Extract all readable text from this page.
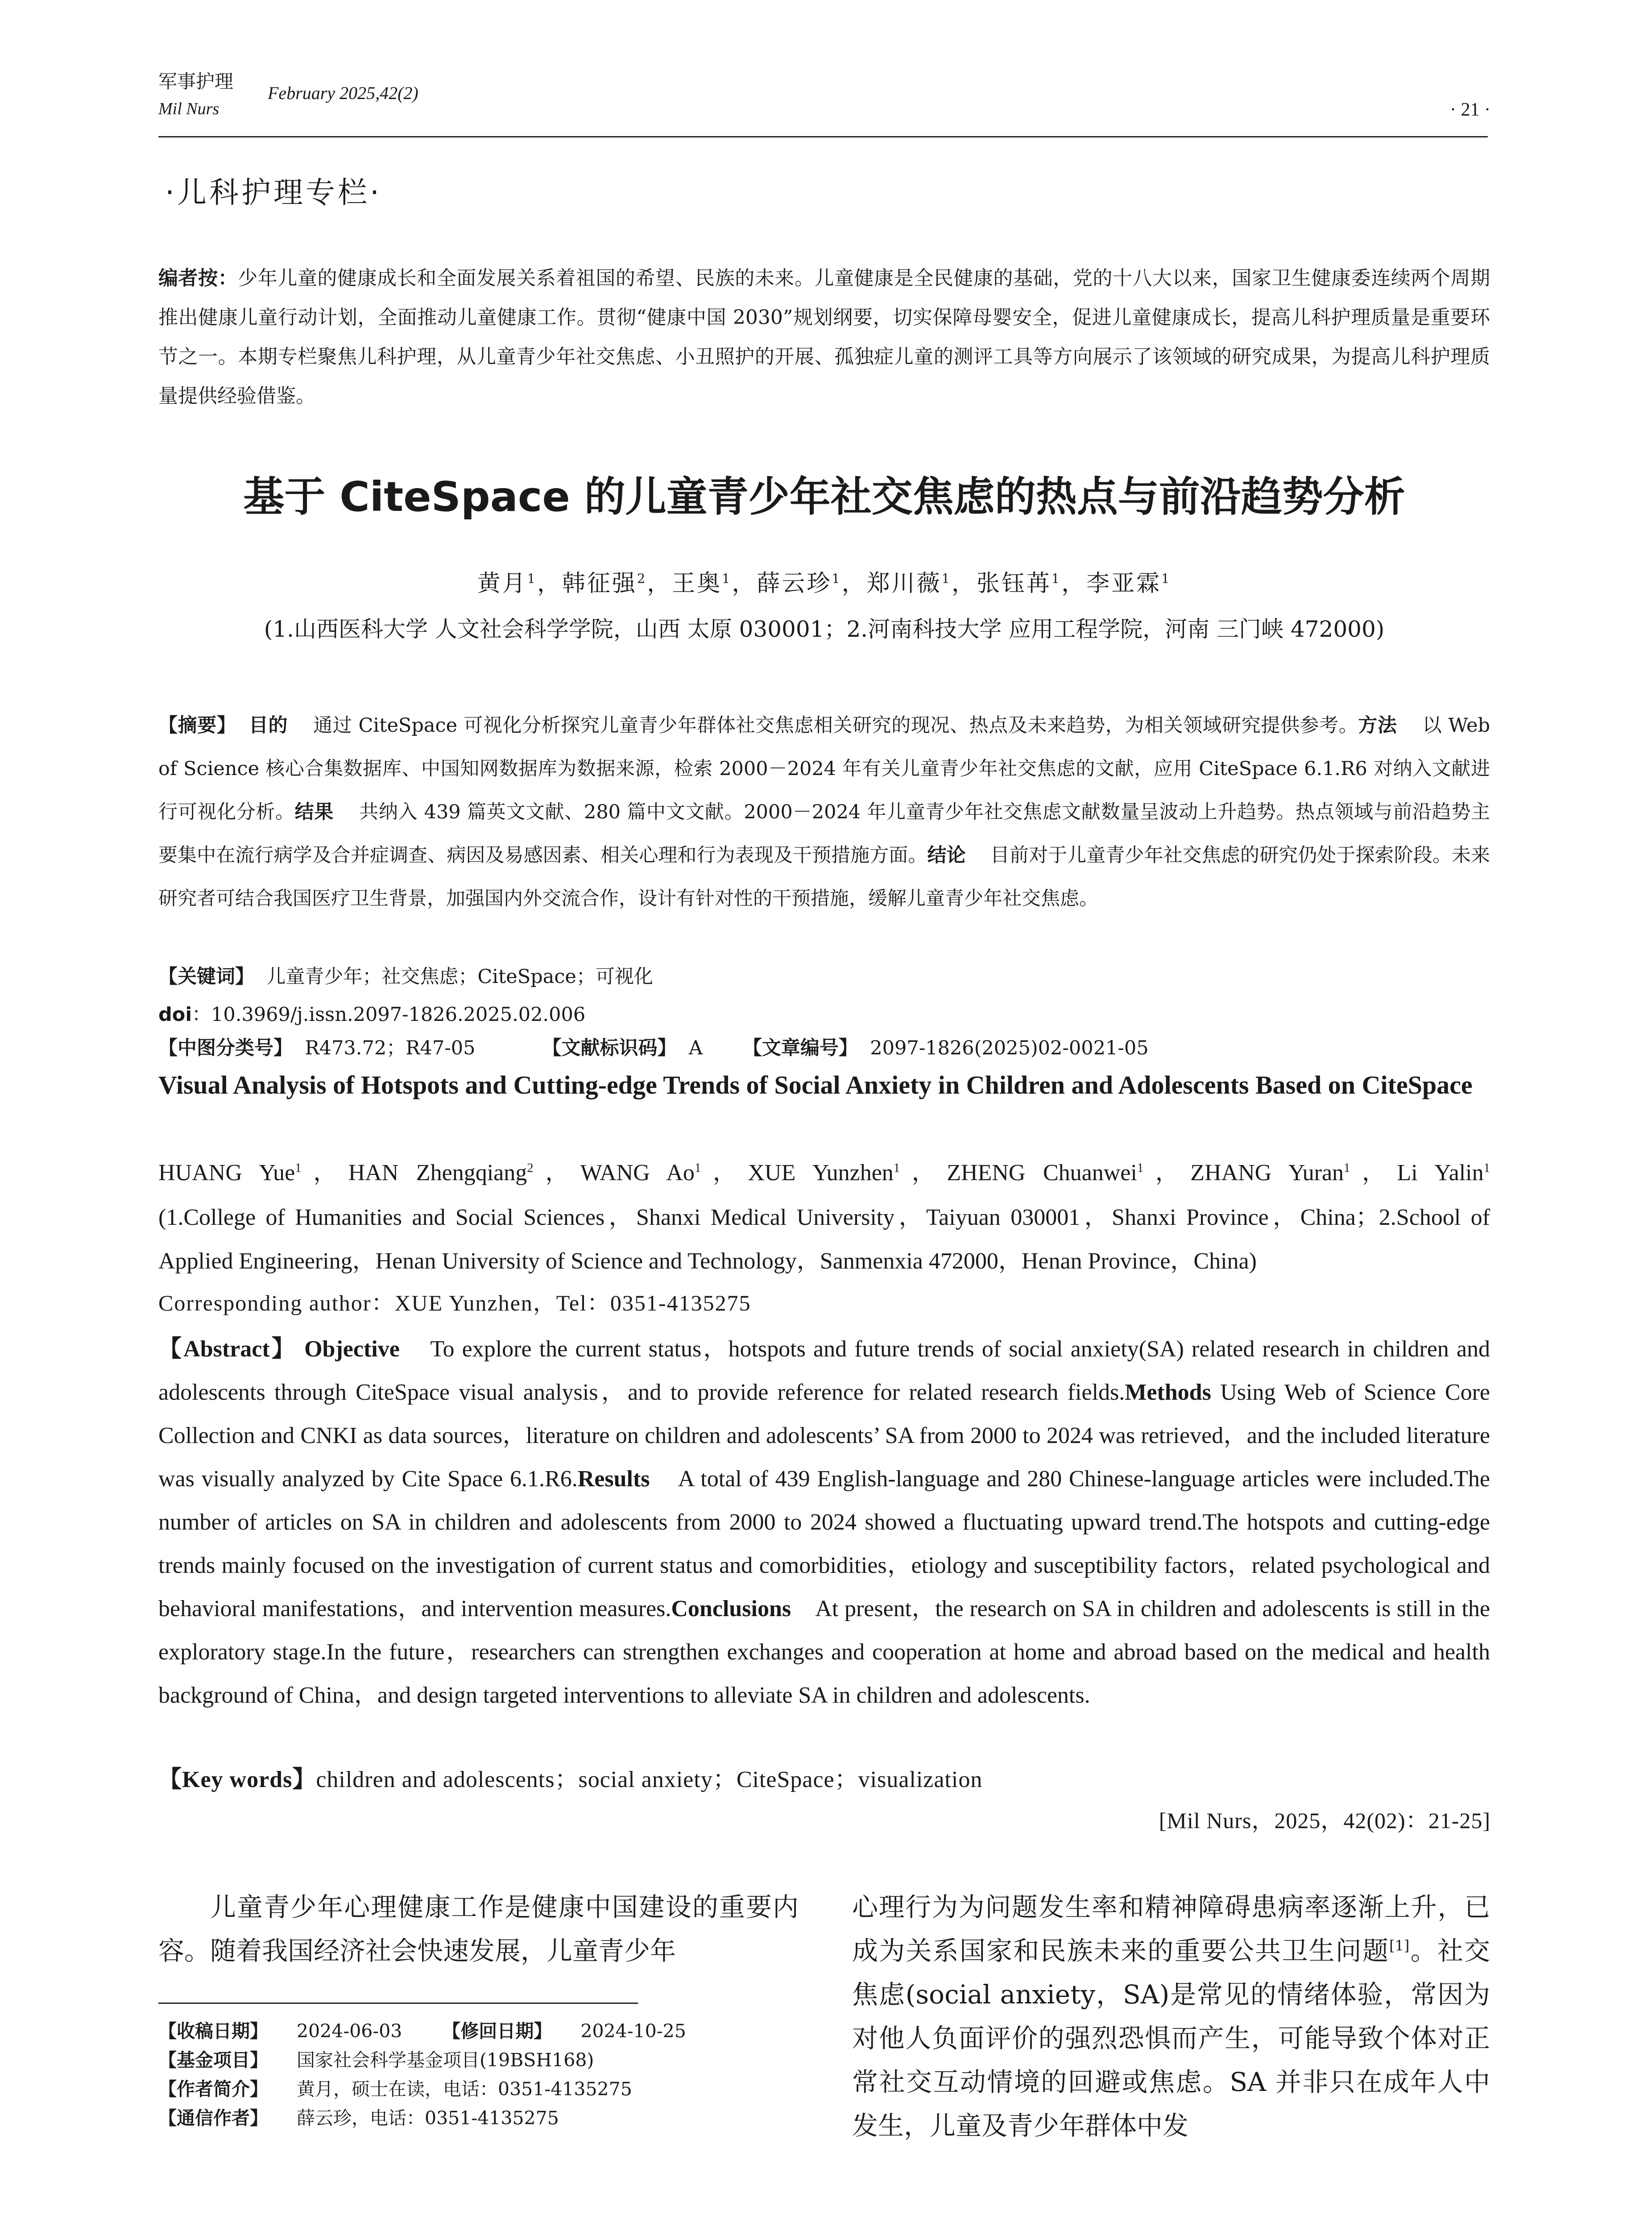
军事护理
Mil Nurs
February 2025,42(2)
· 21 ·
·儿科护理专栏·
编者按：少年儿童的健康成长和全面发展关系着祖国的希望、民族的未来。儿童健康是全民健康的基础，党的十八大以来，国家卫生健康委连续两个周期推出健康儿童行动计划，全面推动儿童健康工作。贯彻“健康中国 2030”规划纲要，切实保障母婴安全，促进儿童健康成长，提高儿科护理质量是重要环节之一。本期专栏聚焦儿科护理，从儿童青少年社交焦虑、小丑照护的开展、孤独症儿童的测评工具等方向展示了该领域的研究成果，为提高儿科护理质量提供经验借鉴。
基于 CiteSpace 的儿童青少年社交焦虑的热点与前沿趋势分析
黄月$^1$，韩征强$^2$，王奥$^1$，薛云珍$^1$，郑川薇$^1$，张钰苒$^1$，李亚霖$^1$
(1.山西医科大学 人文社会科学学院，山西 太原 030001；2.河南科技大学 应用工程学院，河南 三门峡 472000)
【摘要】 目的 通过 CiteSpace 可视化分析探究儿童青少年群体社交焦虑相关研究的现况、热点及未来趋势，为相关领域研究提供参考。方法 以 Web of Science 核心合集数据库、中国知网数据库为数据来源，检索 2000－2024 年有关儿童青少年社交焦虑的文献，应用 CiteSpace 6.1.R6 对纳入文献进行可视化分析。结果 共纳入 439 篇英文文献、280 篇中文文献。2000－2024 年儿童青少年社交焦虑文献数量呈波动上升趋势。热点领域与前沿趋势主要集中在流行病学及合并症调查、病因及易感因素、相关心理和行为表现及干预措施方面。结论 目前对于儿童青少年社交焦虑的研究仍处于探索阶段。未来研究者可结合我国医疗卫生背景，加强国内外交流合作，设计有针对性的干预措施，缓解儿童青少年社交焦虑。
【关键词】 儿童青少年；社交焦虑；CiteSpace；可视化
doi：10.3969/j.issn.2097-1826.2025.02.006
【中图分类号】 R473.72；R47-05	【文献标识码】 A 【文章编号】 2097-1826(2025)02-0021-05
Visual Analysis of Hotspots and Cutting-edge Trends of Social Anxiety in Children and Adolescents Based on CiteSpace
HUANG Yue$^1$，HAN Zhengqiang$^2$，WANG Ao$^1$，XUE Yunzhen$^1$，ZHENG Chuanwei$^1$，ZHANG Yuran$^1$，Li Yalin$^1$
(1.College of Humanities and Social Sciences，Shanxi Medical University，Taiyuan 030001，Shanxi Province，China；2.School of Applied Engineering，Henan University of Science and Technology，Sanmenxia 472000，Henan Province，China)
Corresponding author：XUE Yunzhen，Tel：0351-4135275
【Abstract】 Objective To explore the current status，hotspots and future trends of social anxiety(SA) related research in children and adolescents through CiteSpace visual analysis，and to provide reference for related research fields.Methods Using Web of Science Core Collection and CNKI as data sources，literature on children and adolescents’ SA from 2000 to 2024 was retrieved，and the included literature was visually analyzed by Cite Space 6.1.R6.Results A total of 439 English-language and 280 Chinese-language articles were included.The number of articles on SA in children and adolescents from 2000 to 2024 showed a fluctuating upward trend.The hotspots and cutting-edge trends mainly focused on the investigation of current status and comorbidities，etiology and susceptibility factors，related psychological and behavioral manifestations，and intervention measures.Conclusions At present，the research on SA in children and adolescents is still in the exploratory stage.In the future，researchers can strengthen exchanges and cooperation at home and abroad based on the medical and health background of China，and design targeted interventions to alleviate SA in children and adolescents.
【Key words】children and adolescents；social anxiety；CiteSpace；visualization
[Mil Nurs，2025，42(02)：21-25]

儿童青少年心理健康工作是健康中国建设的重要内容。随着我国经济社会快速发展，儿童青少年

心理行为为问题发生率和精神障碍患病率逐渐上升，已成为关系国家和民族未来的重要公共卫生问题[1]。社交焦虑(social anxiety，SA)是常见的情绪体验，常因为对他人负面评价的强烈恐惧而产生，可能导致个体对正常社交互动情境的回避或焦虑。SA 并非只在成年人中发生，儿童及青少年群体中发

【收稿日期】 2024-06-03 【修回日期】 2024-10-25
【基金项目】 国家社会科学基金项目(19BSH168)
【作者简介】 黄月，硕士在读，电话：0351-4135275
【通信作者】 薛云珍，电话：0351-4135275
